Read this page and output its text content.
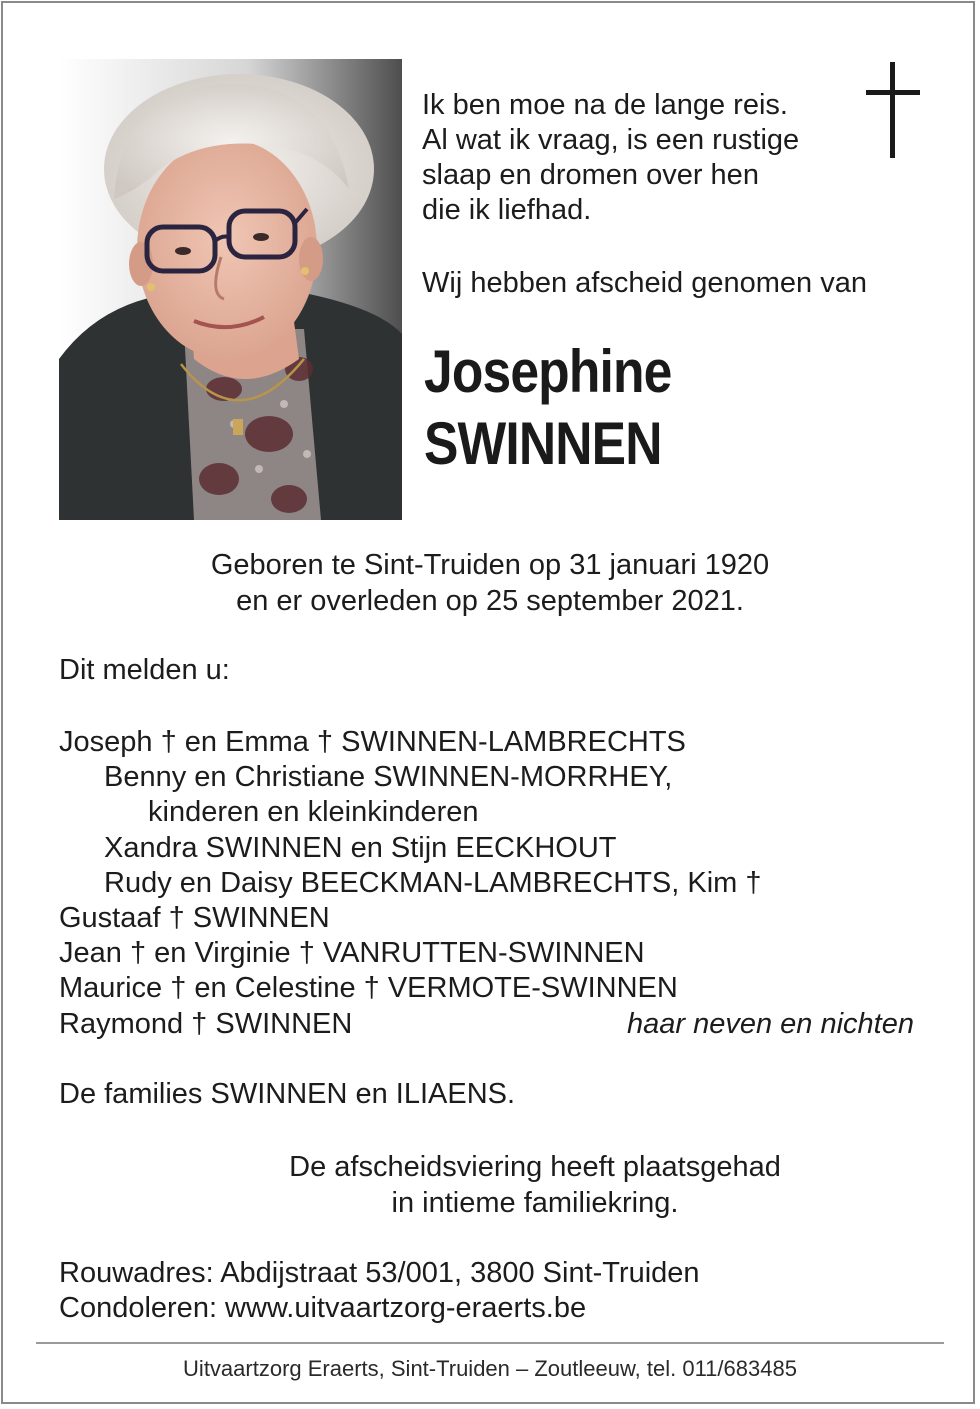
Ik ben moe na de lange reis.
Al wat ik vraag, is een rustige
slaap en dromen over hen
die ik liefhad.
Wij hebben afscheid genomen van
Josephine
SWINNEN
Geboren te Sint-Truiden op 31 januari 1920
en er overleden op 25 september 2021.
Dit melden u:
Joseph † en Emma † SWINNEN-LAMBRECHTS
Benny en Christiane SWINNEN-MORRHEY,
kinderen en kleinkinderen
Xandra SWINNEN en Stijn EECKHOUT
Rudy en Daisy BEECKMAN-LAMBRECHTS, Kim †
Gustaaf † SWINNEN
Jean † en Virginie † VANRUTTEN-SWINNEN
Maurice † en Celestine † VERMOTE-SWINNEN
Raymond † SWINNEN	haar neven en nichten
De families SWINNEN en ILIAENS.
De afscheidsviering heeft plaatsgehad
in intieme familiekring.
Rouwadres: Abdijstraat 53/001, 3800 Sint-Truiden
Condoleren: www.uitvaartzorg-eraerts.be
Uitvaartzorg Eraerts, Sint-Truiden – Zoutleeuw, tel. 011/683485
